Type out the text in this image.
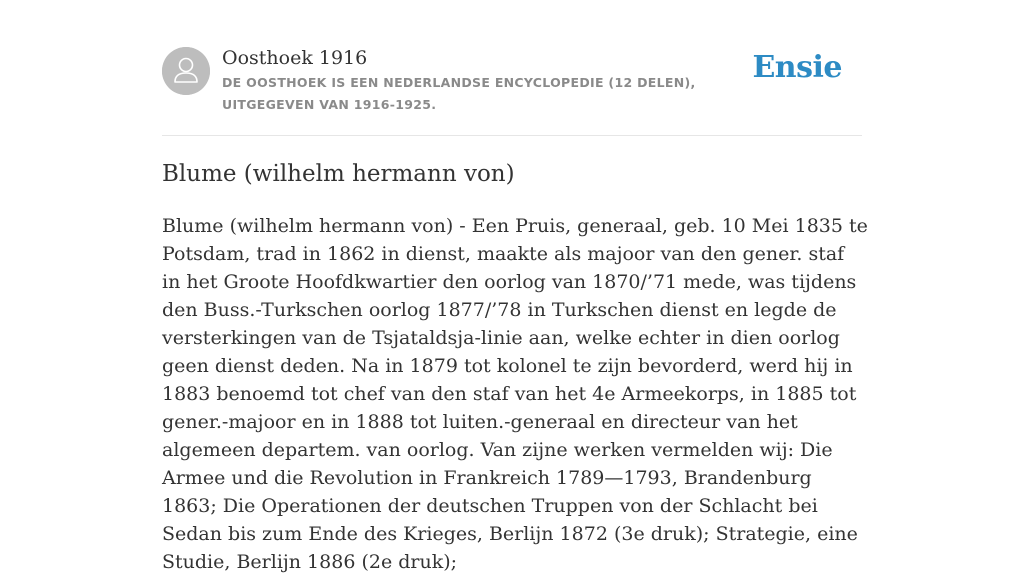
Oosthoek 1916

DE OOSTHOEK IS EEN NEDERLANDSE ENCYCLOPEDIE (12 DELEN), UITGEGEVEN VAN 1916-1925.
Ensie
Blume (wilhelm hermann von)

Blume (wilhelm hermann von) - Een Pruis, generaal, geb. 10 Mei 1835 te Potsdam, trad in 1862 in dienst, maakte als majoor van den gener. staf in het Groote Hoofdkwartier den oorlog van 1870/’71 mede, was tijdens den Buss.-Turkschen oorlog 1877/’78 in Turkschen dienst en legde de versterkingen van de Tsjataldsja-linie aan, welke echter in dien oorlog geen dienst deden. Na in 1879 tot kolonel te zijn bevorderd, werd hij in 1883 benoemd tot chef van den staf van het 4e Armeekorps, in 1885 tot gener.-majoor en in 1888 tot luiten.-generaal en directeur van het algemeen departem. van oorlog. Van zijne werken vermelden wij: Die Armee und die Revolution in Frankreich 1789—1793, Brandenburg 1863; Die Operationen der deutschen Truppen von der Schlacht bei Sedan bis zum Ende des Krieges, Berlijn 1872 (3e druk); Strategie, eine Studie, Berlijn 1886 (2e druk);
